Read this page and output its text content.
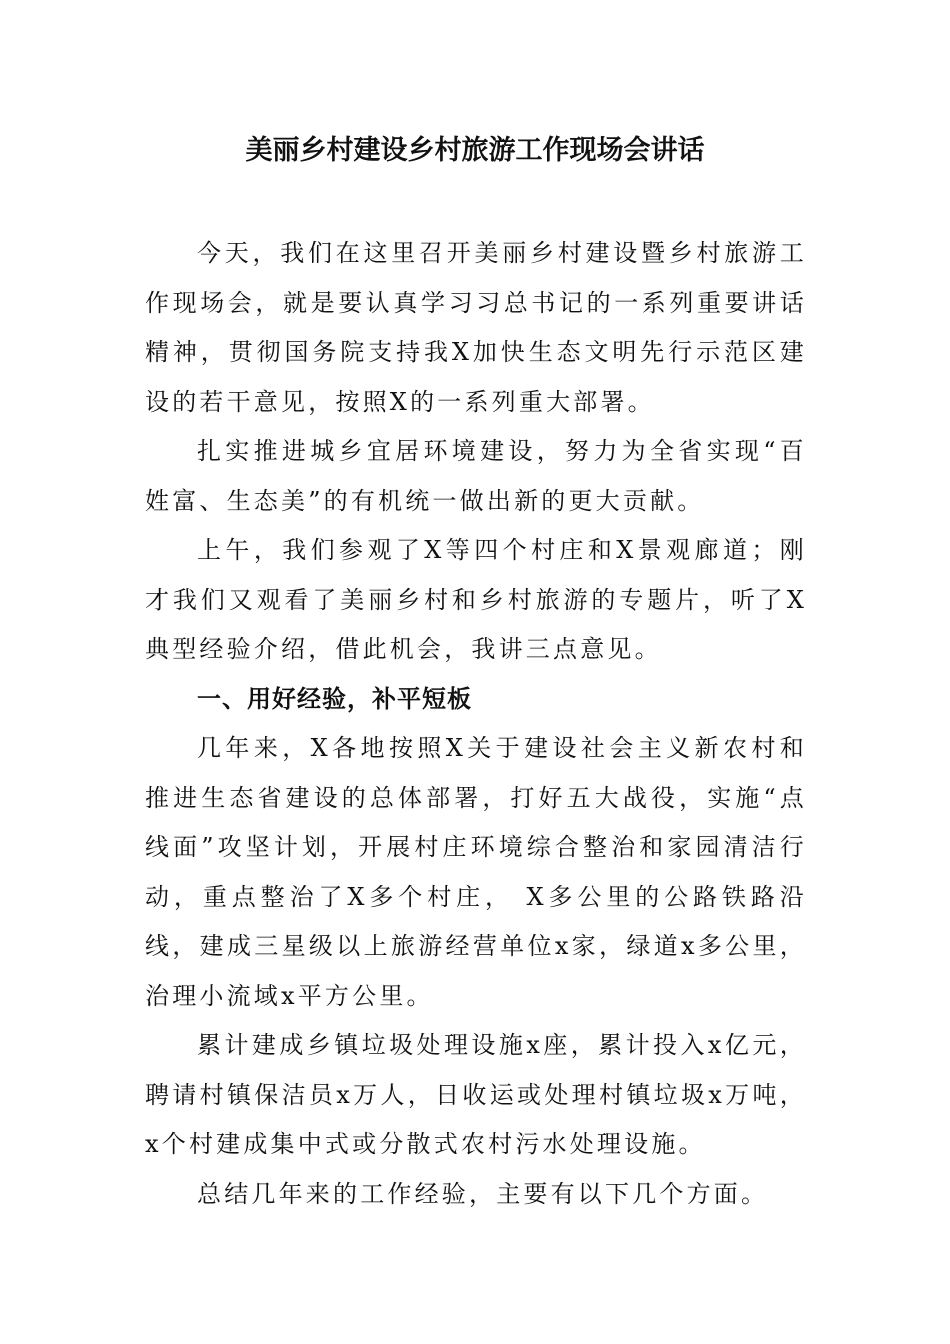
美丽乡村建设乡村旅游工作现场会讲话

今天，我们在这里召开美丽乡村建设暨乡村旅游工作现场会，就是要认真学习习总书记的一系列重要讲话精神，贯彻国务院支持我X加快生态文明先行示范区建设的若干意见，按照X的一系列重大部署。

扎实推进城乡宜居环境建设，努力为全省实现“百姓富、生态美”的有机统一做出新的更大贡献。

上午，我们参观了X等四个村庄和X景观廊道；刚才我们又观看了美丽乡村和乡村旅游的专题片，听了X典型经验介绍，借此机会，我讲三点意见。

一、用好经验，补平短板

几年来，X各地按照X关于建设社会主义新农村和推进生态省建设的总体部署，打好五大战役，实施“点线面”攻坚计划，开展村庄环境综合整治和家园清洁行动，重点整治了X多个村庄， X多公里的公路铁路沿线，建成三星级以上旅游经营单位x家，绿道x多公里，治理小流域x平方公里。

累计建成乡镇垃圾处理设施x座，累计投入x亿元，聘请村镇保洁员x万人，日收运或处理村镇垃圾x万吨，x个村建成集中式或分散式农村污水处理设施。

总结几年来的工作经验，主要有以下几个方面。
